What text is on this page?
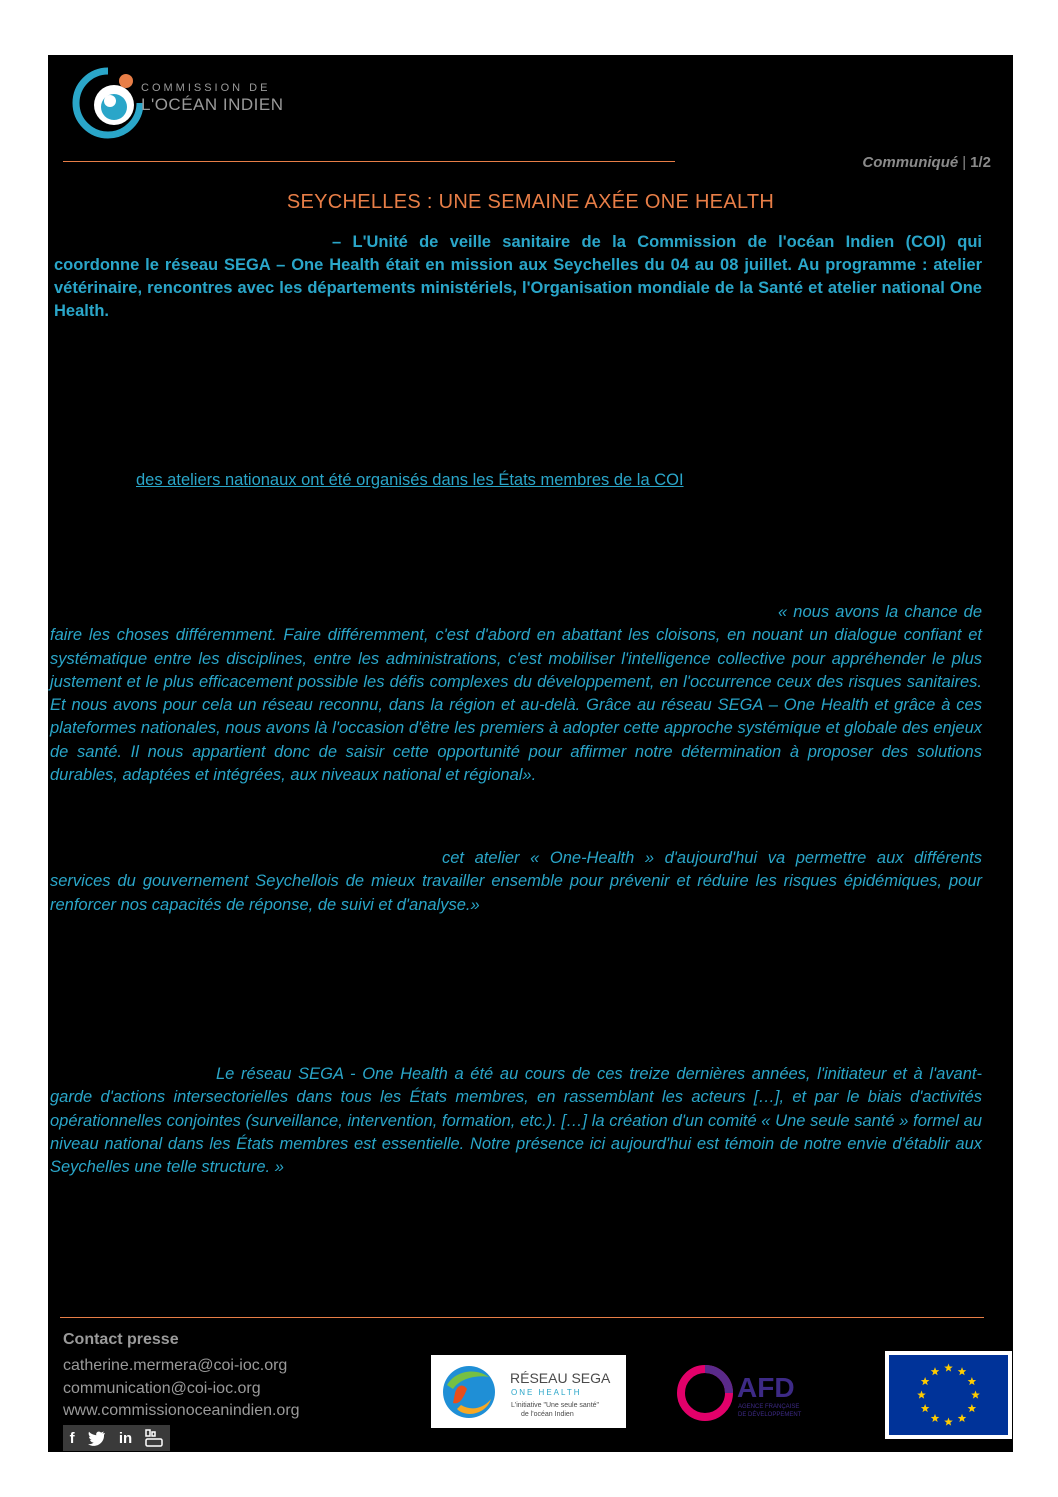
COMMISSION DE
L'OCÉAN INDIEN
Communiqué | 1/2
SEYCHELLES : UNE SEMAINE AXÉE ONE HEALTH

– L'Unité de veille sanitaire de la Commission de l'océan Indien (COI) qui coordonne le réseau SEGA – One Health était en mission aux Seychelles du 04 au 08 juillet. Au programme : atelier vétérinaire, rencontres avec les départements ministériels, l'Organisation mondiale de la Santé et atelier national One Health.

des ateliers nationaux ont été organisés dans les États membres de la COI

« nous avons la chance de faire les choses différemment. Faire différemment, c'est d'abord en abattant les cloisons, en nouant un dialogue confiant et systématique entre les disciplines, entre les administrations, c'est mobiliser l'intelligence collective pour appréhender le plus justement et le plus efficacement possible les défis complexes du développement, en l'occurrence ceux des risques sanitaires. Et nous avons pour cela un réseau reconnu, dans la région et au-delà. Grâce au réseau SEGA – One Health et grâce à ces plateformes nationales, nous avons là l'occasion d'être les premiers à adopter cette approche systémique et globale des enjeux de santé. Il nous appartient donc de saisir cette opportunité pour affirmer notre détermination à proposer des solutions durables, adaptées et intégrées, aux niveaux national et régional».

cet atelier « One-Health » d'aujourd'hui va permettre aux différents services du gouvernement Seychellois de mieux travailler ensemble pour prévenir et réduire les risques épidémiques, pour renforcer nos capacités de réponse, de suivi et d'analyse.»

Le réseau SEGA - One Health a été au cours de ces treize dernières années, l'initiateur et à l'avant-garde d'actions intersectorielles dans tous les États membres, en rassemblant les acteurs […], et par le biais d'activités opérationnelles conjointes (surveillance, intervention, formation, etc.). […] la création d'un comité « Une seule santé » formel au niveau national dans les États membres est essentielle. Notre présence ici aujourd'hui est témoin de notre envie d'établir aux Seychelles une telle structure. »

Contact presse
catherine.mermera@coi-ioc.org
communication@coi-ioc.org
www.commissionoceanindien.org
f	in
RÉSEAU SEGA
ONE HEALTH
L'initiative "Une seule santé"
de l'océan Indien
AFD
AGENCE FRANÇAISE
DE DÉVELOPPEMENT
